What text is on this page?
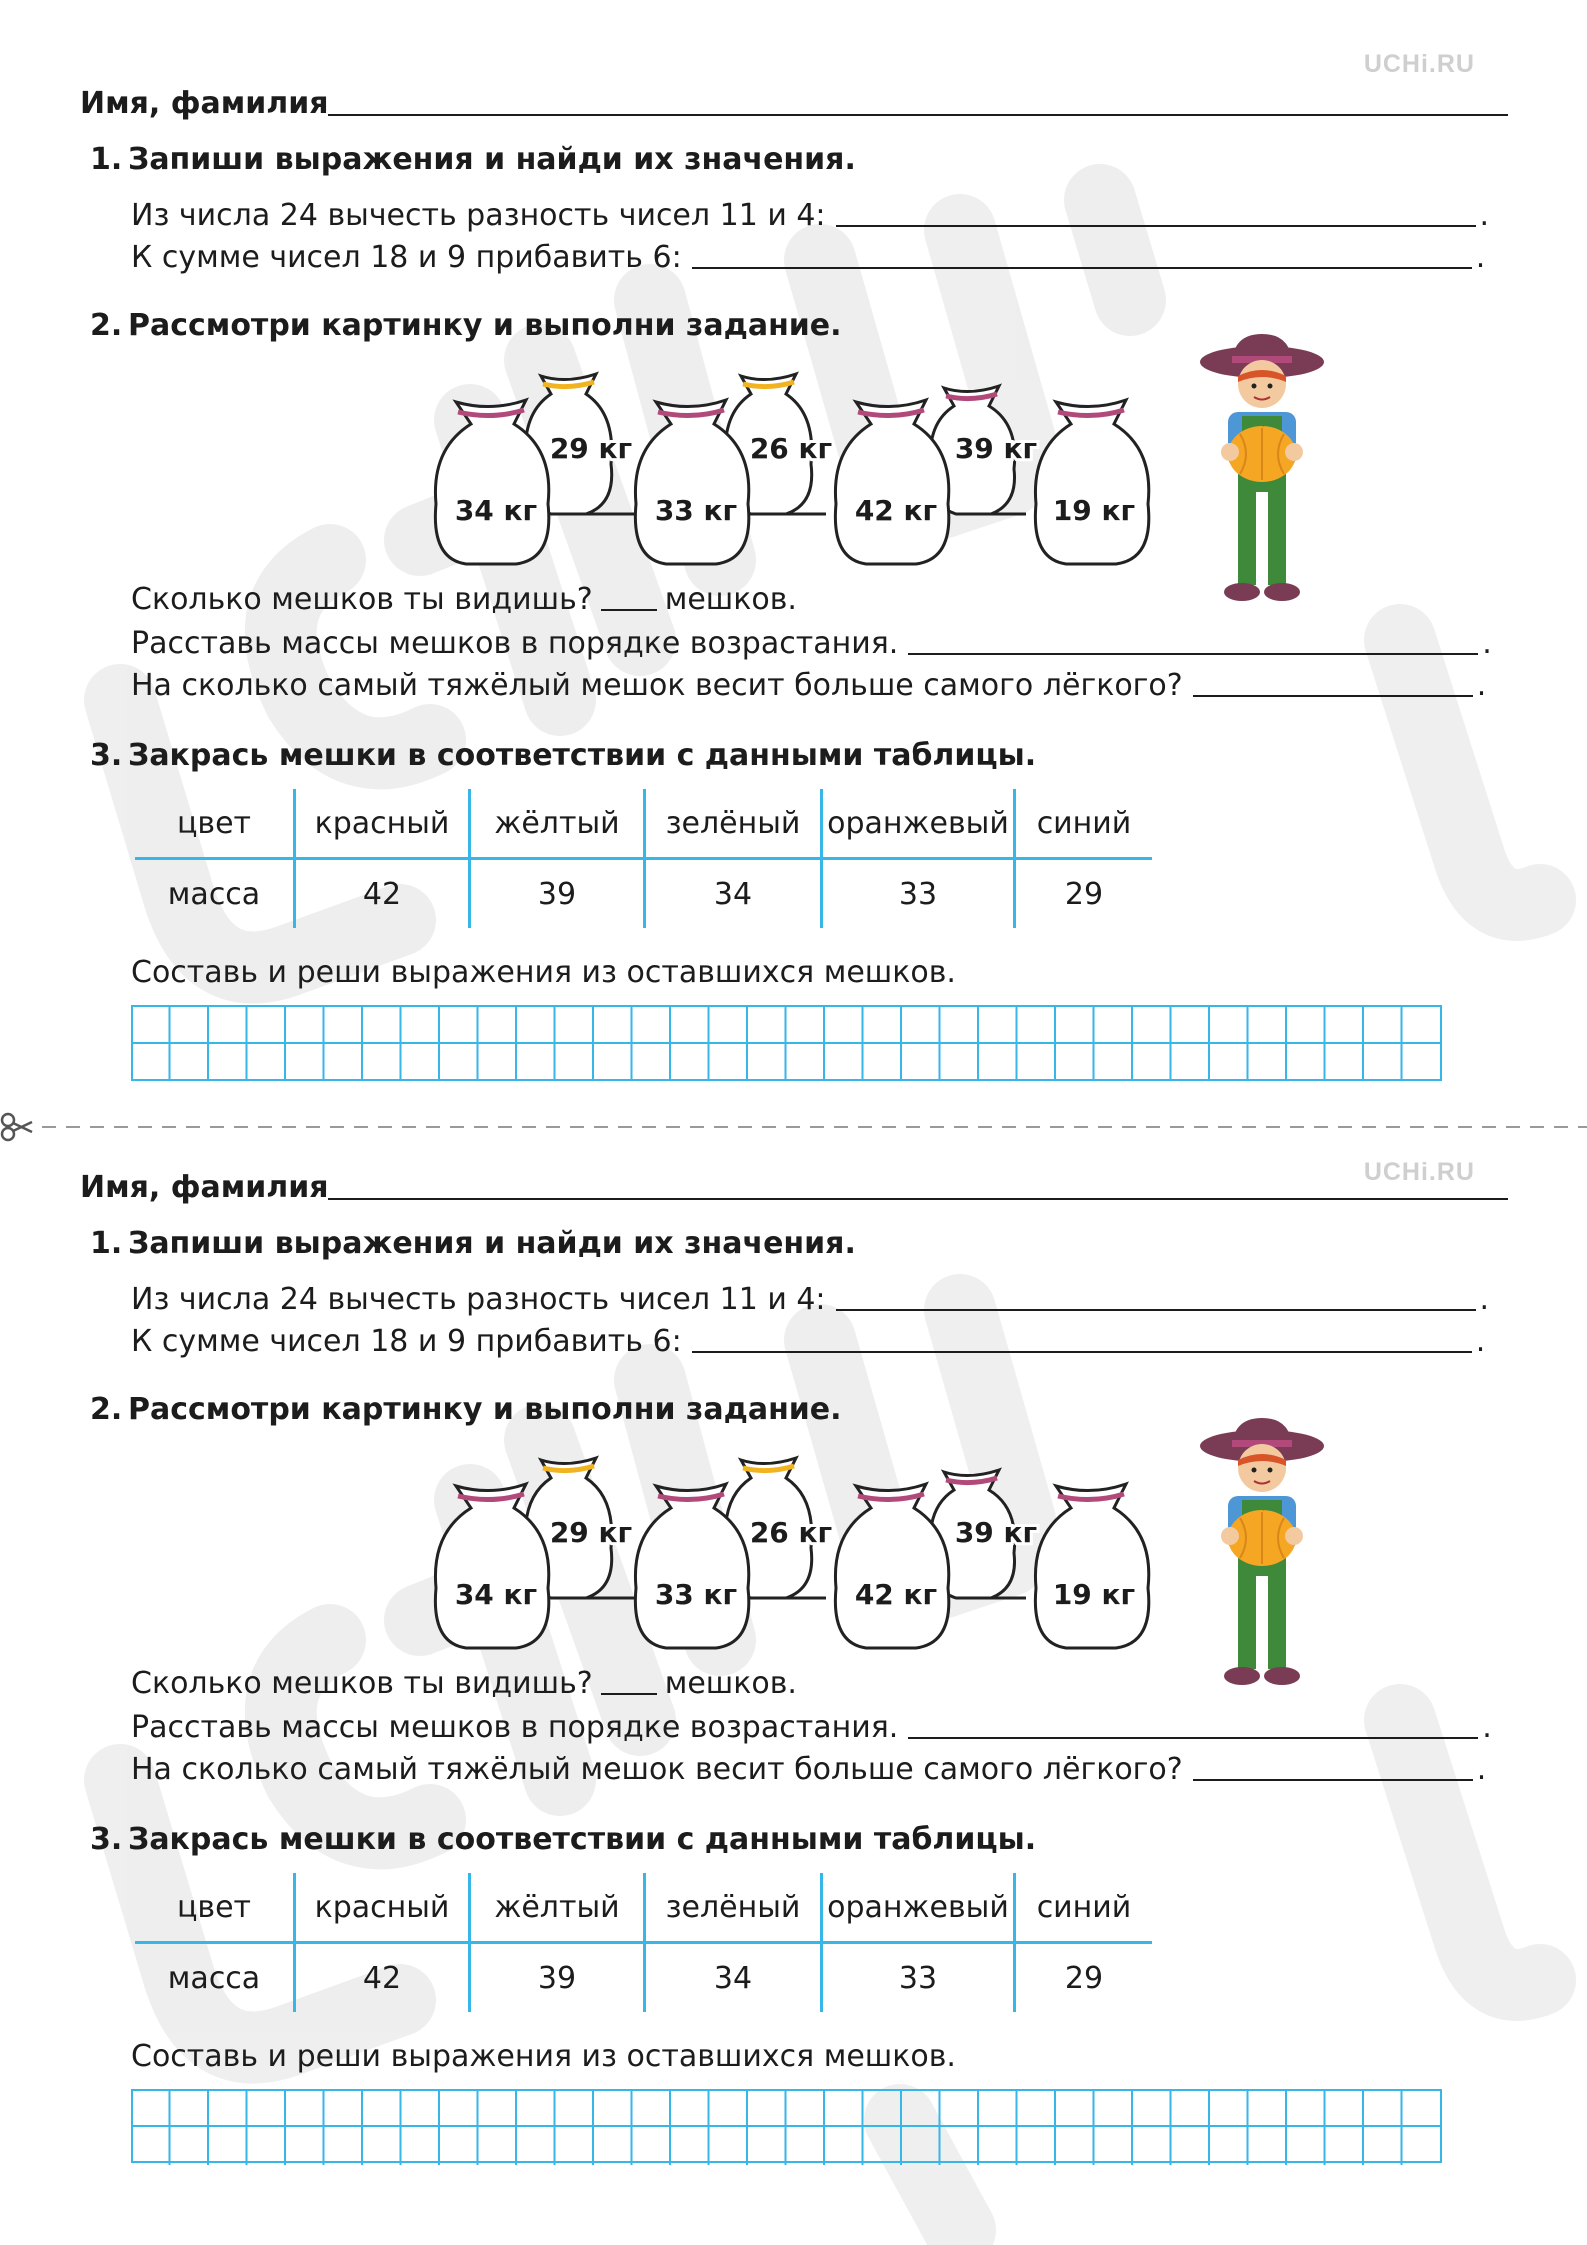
UCHi.RU
Имя, фамилия
1. Запиши выражения и найди их значения.
Из числа 24 вычесть разность чисел 11 и 4:	.
К сумме чисел 18 и 9 прибавить 6:	.
2. Рассмотри картинку и выполни задание.
29 кг	26 кг	39 кг
34 кг	33 кг	42 кг	19 кг
Сколько мешков ты видишь? мешков.
Расставь массы мешков в порядке возрастания.	.
На сколько самый тяжёлый мешок весит больше самого лёгкого?	.
3. Закрась мешки в соответствии с данными таблицы.
цвет	красный	жёлтый	зелёный	оранжевый	синий
масса	42	39	34	33	29
Составь и реши выражения из оставшихся мешков.
UCHi.RU
Имя, фамилия
1. Запиши выражения и найди их значения.
Из числа 24 вычесть разность чисел 11 и 4:	.
К сумме чисел 18 и 9 прибавить 6:	.
2. Рассмотри картинку и выполни задание.
29 кг	26 кг	39 кг
34 кг	33 кг	42 кг	19 кг
Сколько мешков ты видишь? мешков.
Расставь массы мешков в порядке возрастания.	.
На сколько самый тяжёлый мешок весит больше самого лёгкого?	.
3. Закрась мешки в соответствии с данными таблицы.
цвет	красный	жёлтый	зелёный	оранжевый	синий
масса	42	39	34	33	29
Составь и реши выражения из оставшихся мешков.
